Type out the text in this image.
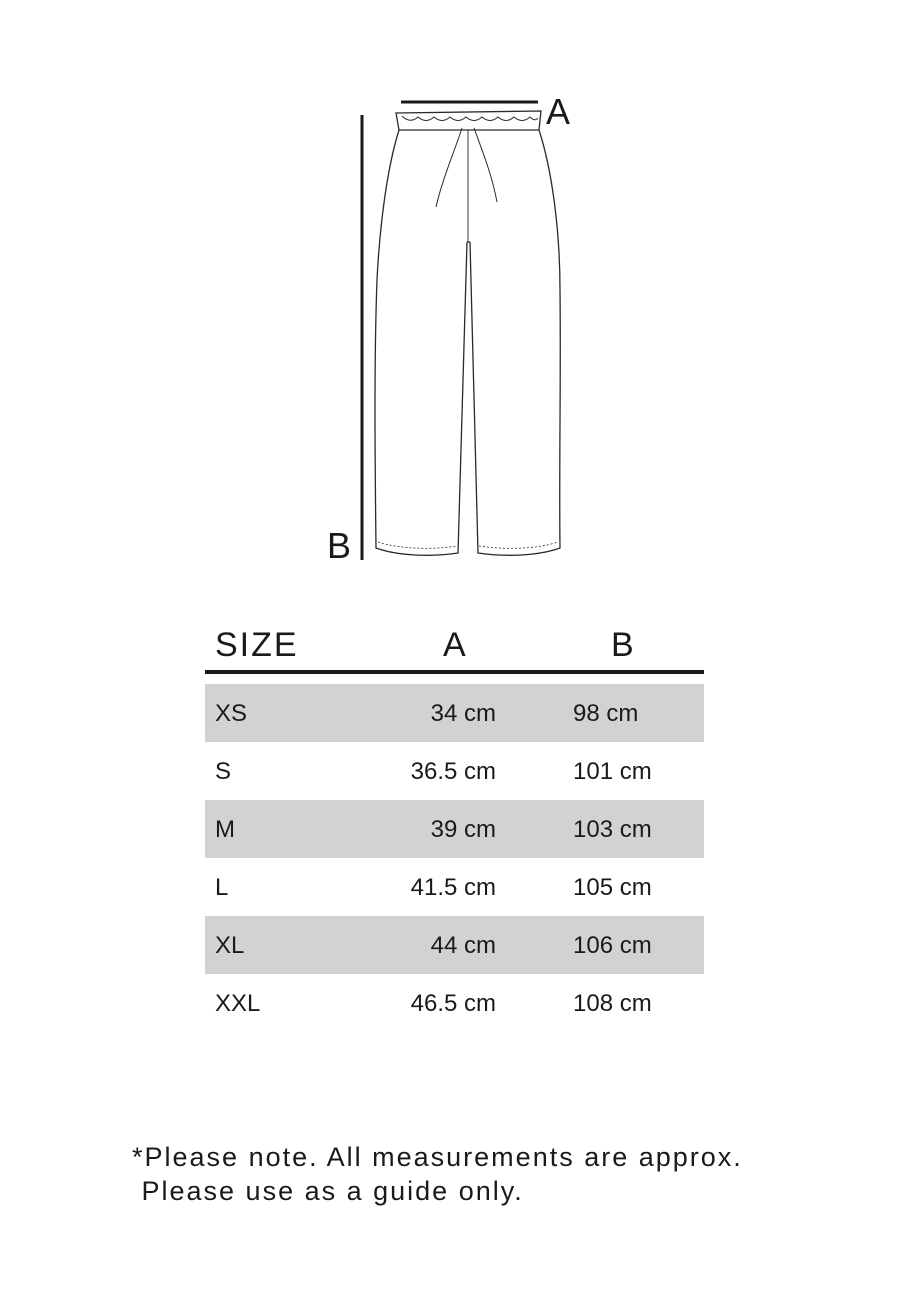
A
B
SIZE	A	B
XS	34 cm	98 cm
S	36.5 cm	101 cm
M	39 cm	103 cm
L	41.5 cm	105 cm
XL	44 cm	106 cm
XXL	46.5 cm	108 cm
*Please note. All measurements are approx.
Please use as a guide only.
